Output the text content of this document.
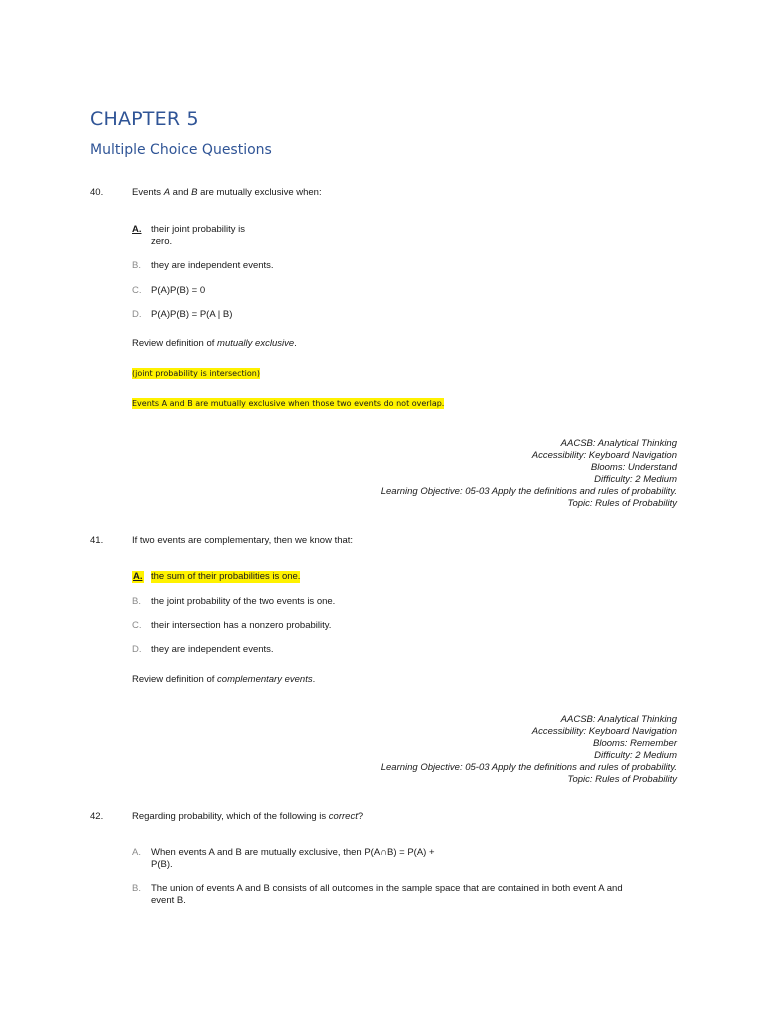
CHAPTER 5
Multiple Choice Questions
40.	Events A and B are mutually exclusive when:
A. their joint probability is
zero.
B. they are independent events.
C. P(A)P(B) = 0
D. P(A)P(B) = P(A | B)
Review definition of mutually exclusive.
(joint probability is intersection)
Events A and B are mutually exclusive when those two events do not overlap.
AACSB: Analytical Thinking
Accessibility: Keyboard Navigation
Blooms: Understand
Difficulty: 2 Medium
Learning Objective: 05-03 Apply the definitions and rules of probability.
Topic: Rules of Probability
41.	If two events are complementary, then we know that:
A. the sum of their probabilities is one.
B. the joint probability of the two events is one.
C. their intersection has a nonzero probability.
D. they are independent events.
Review definition of complementary events.
AACSB: Analytical Thinking
Accessibility: Keyboard Navigation
Blooms: Remember
Difficulty: 2 Medium
Learning Objective: 05-03 Apply the definitions and rules of probability.
Topic: Rules of Probability
42.	Regarding probability, which of the following is correct?
A. When events A and B are mutually exclusive, then P(A∩B) = P(A) +
P(B).
B. The union of events A and B consists of all outcomes in the sample space that are contained in both event A and
event B.
